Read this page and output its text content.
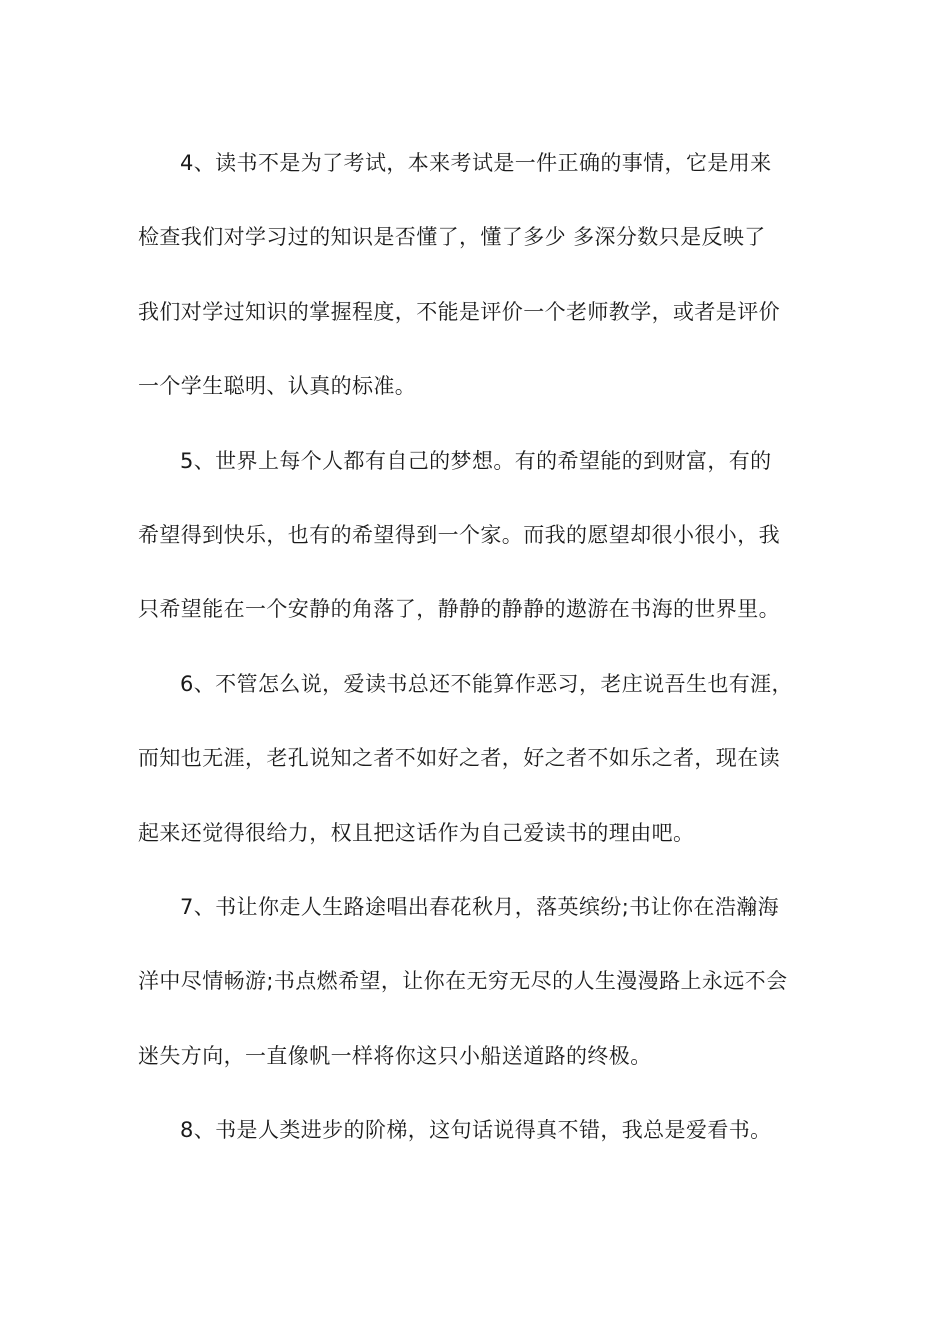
4、读书不是为了考试，本来考试是一件正确的事情，它是用来
检查我们对学习过的知识是否懂了，懂了多少 多深分数只是反映了
我们对学过知识的掌握程度，不能是评价一个老师教学，或者是评价
一个学生聪明、认真的标准。
5、世界上每个人都有自己的梦想。有的希望能的到财富，有的
希望得到快乐，也有的希望得到一个家。而我的愿望却很小很小，我
只希望能在一个安静的角落了，静静的静静的遨游在书海的世界里。
6、不管怎么说，爱读书总还不能算作恶习，老庄说吾生也有涯，
而知也无涯，老孔说知之者不如好之者，好之者不如乐之者，现在读
起来还觉得很给力，权且把这话作为自己爱读书的理由吧。
7、书让你走人生路途唱出春花秋月，落英缤纷;书让你在浩瀚海
洋中尽情畅游;书点燃希望，让你在无穷无尽的人生漫漫路上永远不会
迷失方向，一直像帆一样将你这只小船送道路的终极。
8、书是人类进步的阶梯，这句话说得真不错，我总是爱看书。
